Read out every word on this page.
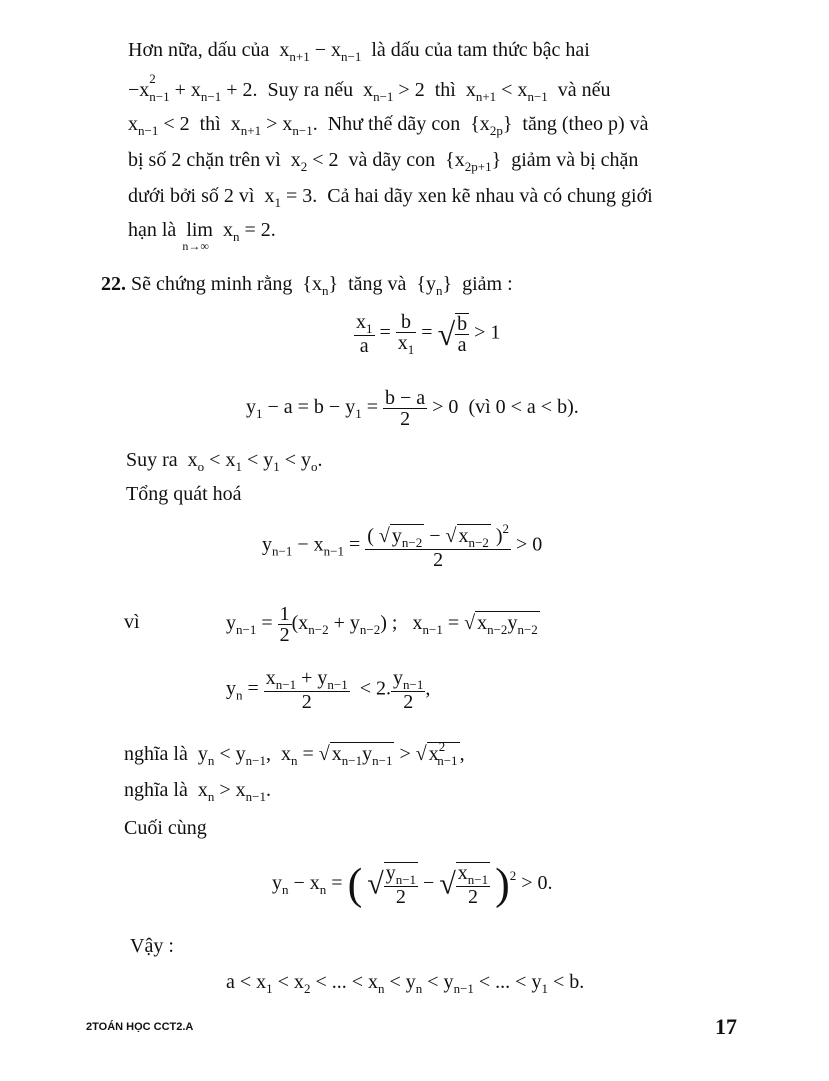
Hơn nữa, dấu của  $x_{n+1} - x_{n-1}$ là dấu của tam thức bậc hai
−x
$_{2 n-1} + x_{n-1} + 2$.  Suy ra nếu  $x_{n-1} > 2$  thì  $x_{n+1} < x_{n-1}$ và nếu
$x_{n-1} < 2$  thì  $x_{n+1} > x_{n-1}$.  Như thế dãy con  $\{x_{2p}\}$  tăng (theo p) và
bị số 2 chặn trên vì  $x_2 < 2$  và dãy con  $\{x_{2p+1}\}$  giảm và bị chặn
dưới bởi số 2 vì  $x_1 = 3$.  Cả hai dãy xen kẽ nhau và có chung giới
hạn là lim
n→∞
$x_n = 2$.
22. Sẽ chứng minh rằng  $\{x_n\}$  tăng và  $\{y_n\}$  giảm :
$\frac{x_1}{a} = \frac{b}{x_1}$ = √ $\frac{b}{a} > 1$
$y_1 - a = b - y_1 = \frac{b - a}{2} > 0$  (vì 0 < a < b).
Suy ra  $x_o < x_1 < y_1 < y_o$.
Tổng quát hoá
$y_{n-1} - x_{n-1} = \frac{( √ y_{n-2} - √ x_{n-2} )^2}{2} > 0$
vì	$y_{n-1} = \frac{1}{2} (x_{n-2} + y_{n-2})$ ;   $x_{n-1}$ = √ $x_{n-2}y_{n-2}$
$y_n = \frac{x_{n-1} + y_{n-1}}{2} < 2$. $\frac{y_{n-1}}{2}$ ,
nghĩa là  $y_n < y_{n-1}$,  $x_n$ = √ $x_{n-1}y_{n-1}$ > √ $x^2_{n-1}$ ,
nghĩa là  $x_n > x_{n-1}$.
Cuối cùng
$y_n - x_n$ = ( √ $\frac{y_{n-1}}{2}$ − √ $\frac{x_{n-1}}{2} )^2 > 0$.
Vậy :
$a < x_1 < x_2$ < ... < $x_n < y_n < y_{n-1}$ < ... < $y_1 < b$.
2TOÁN HỌC CCT2.A	17
